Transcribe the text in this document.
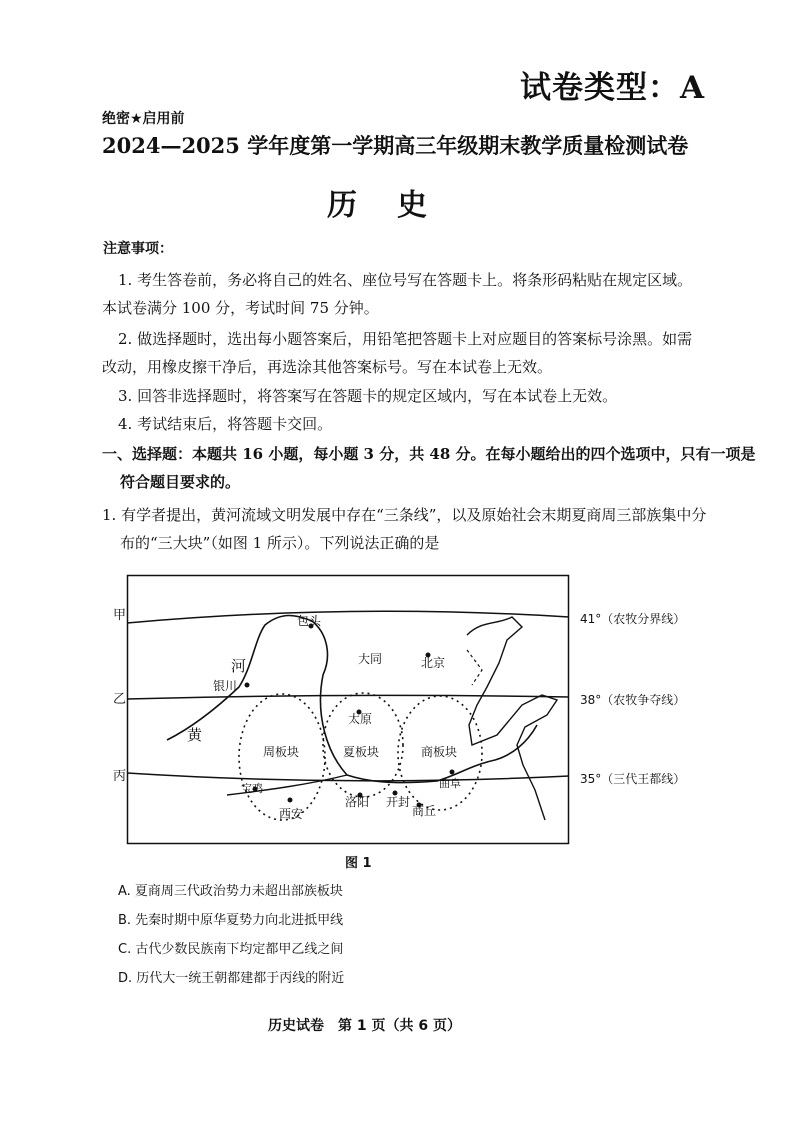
试卷类型：A
绝密★启用前
2024—2025 学年度第一学期高三年级期末教学质量检测试卷
历史
注意事项：
1. 考生答卷前，务必将自己的姓名、座位号写在答题卡上。将条形码粘贴在规定区域。
本试卷满分 100 分，考试时间 75 分钟。
2. 做选择题时，选出每小题答案后，用铅笔把答题卡上对应题目的答案标号涂黑。如需
改动，用橡皮擦干净后，再选涂其他答案标号。写在本试卷上无效。
3. 回答非选择题时，将答案写在答题卡的规定区域内，写在本试卷上无效。
4. 考试结束后，将答题卡交回。
一、选择题：本题共 16 小题，每小题 3 分，共 48 分。在每小题给出的四个选项中，只有一项是
符合题目要求的。
1. 有学者提出，黄河流域文明发展中存在“三条线”，以及原始社会末期夏商周三部族集中分
布的“三大块”（如图 1 所示）。下列说法正确的是
甲
乙
丙
41°（农牧分界线）
38°（农牧争夺线）
35°（三代王都线）
包头
大同	北京
银川
太原
曲阜
宝鸡
西安
洛阳 开封
商丘
河
黄
周板块	夏板块	商板块
图 1
A. 夏商周三代政治势力未超出部族板块
B. 先秦时期中原华夏势力向北进抵甲线
C. 古代少数民族南下均定都甲乙线之间
D. 历代大一统王朝都建都于丙线的附近
历史试卷　第 1 页（共 6 页）
